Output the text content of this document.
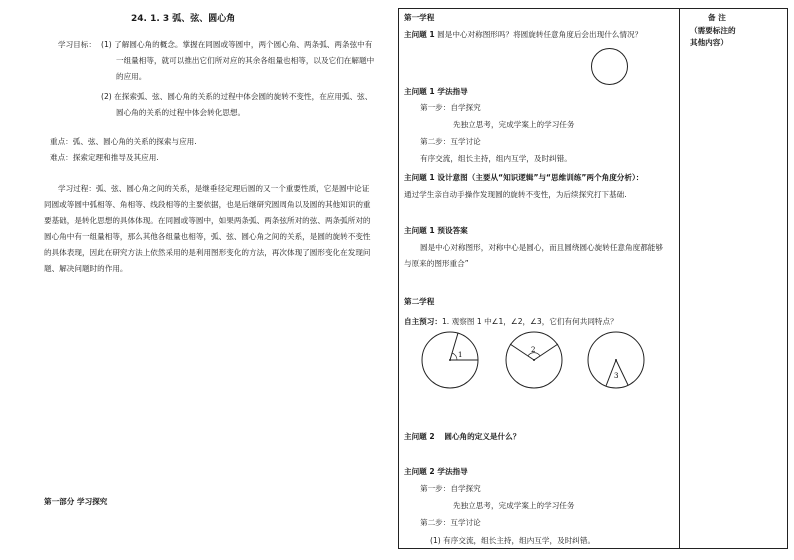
24. 1. 3 弧、弦、圆心角
学习目标： (1) 了解圆心角的概念。掌握在同圆或等圆中，两个圆心角、两条弧、两条弦中有
一组量相等，就可以推出它们所对应的其余各组量也相等，以及它们在解题中
的应用。
(2) 在探索弧、弦、圆心角的关系的过程中体会圆的旋转不变性，在应用弧、弦、
圆心角的关系的过程中体会转化思想。
重点：弧、弦、圆心角的关系的探索与应用.
难点：探索定理和推导及其应用.
学习过程：弧、弦、圆心角之间的关系，是继垂径定理后圆的又一个重要性质，它是圆中论证
同圆或等圆中弧相等、角相等、线段相等的主要依据，也是后继研究圆周角以及圆的其他知识的重
要基础，是转化思想的具体体现。在同圆或等圆中，如果两条弧、两条弦所对的弦、两条弧所对的
圆心角中有一组量相等，那么其他各组量也相等，弧、弦、圆心角之间的关系，是圆的旋转不变性
的具体表现，因此在研究方法上依然采用的是利用图形变化的方法，再次体现了圆形变化在发现问
题、解决问题时的作用。
第一部分 学习探究
第一学程
主问题 1 圆是中心对称图形吗？将圆旋转任意角度后会出现什么情况？
主问题 1 学法指导
第一步：自学探究
先独立思考，完成学案上的学习任务
第二步：互学讨论
有序交流，组长主持，组内互学，及时纠错。
主问题 1 设计意图（主要从“知识逻辑”与“思维训练”两个角度分析）：
通过学生亲自动手操作发现圆的旋转不变性，为后续探究打下基础.
主问题 1 预设答案
圆是中心对称图形，对称中心是圆心，而且圆绕圆心旋转任意角度都能够
与原来的图形重合”
第二学程
自主预习：1. 观察图 1 中∠1，∠2，∠3，它们有何共同特点？
1
2
3
主问题 2 圆心角的定义是什么？
主问题 2 学法指导
第一步：自学探究
先独立思考，完成学案上的学习任务
第二步：互学讨论
(1) 有序交流，组长主持，组内互学，及时纠错。
备 注
（需要标注的
其他内容）
